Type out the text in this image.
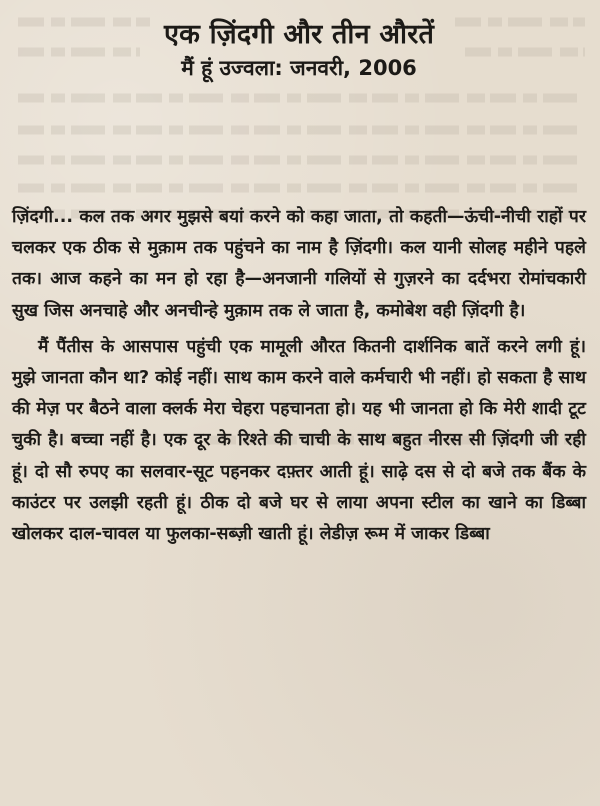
एक ज़िंदगी और तीन औरतें
मैं हूं उज्वला: जनवरी, 2006

ज़िंदगी... कल तक अगर मुझसे बयां करने को कहा जाता, तो कहती—ऊंची-नीची राहों पर चलकर एक ठीक से मुक़ाम तक पहुंचने का नाम है ज़िंदगी। कल यानी सोलह महीने पहले तक। आज कहने का मन हो रहा है—अनजानी गलियों से गुज़रने का दर्दभरा रोमांचकारी सुख जिस अनचाहे और अनचीन्हे मुक़ाम तक ले जाता है, कमोबेश वही ज़िंदगी है।

मैं पैंतीस के आसपास पहुंची एक मामूली औरत कितनी दार्शनिक बातें करने लगी हूं। मुझे जानता कौन था? कोई नहीं। साथ काम करने वाले कर्मचारी भी नहीं। हो सकता है साथ की मेज़ पर बैठने वाला क्लर्क मेरा चेहरा पहचानता हो। यह भी जानता हो कि मेरी शादी टूट चुकी है। बच्चा नहीं है। एक दूर के रिश्ते की चाची के साथ बहुत नीरस सी ज़िंदगी जी रही हूं। दो सौ रुपए का सलवार-सूट पहनकर दफ़्तर आती हूं। साढ़े दस से दो बजे तक बैंक के काउंटर पर उलझी रहती हूं। ठीक दो बजे घर से लाया अपना स्टील का खाने का डिब्बा खोलकर दाल-चावल या फुलका-सब्ज़ी खाती हूं। लेडीज़ रूम में जाकर डिब्बा
